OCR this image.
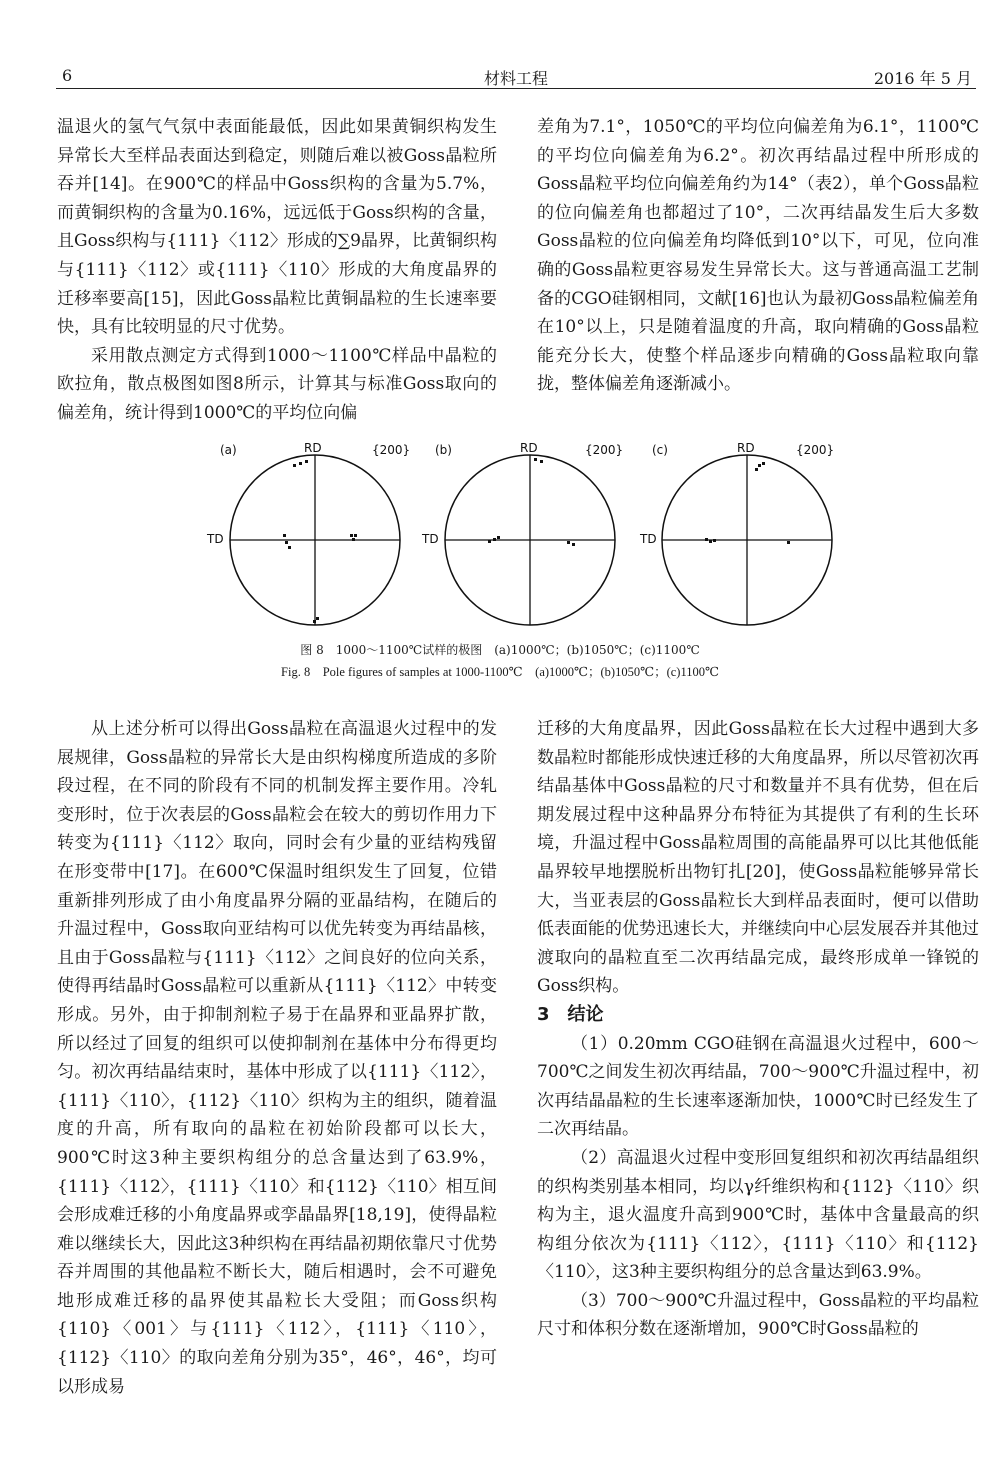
6	材料工程	2016 年 5 月

温退火的氢气气氛中表面能最低，因此如果黄铜织构发生异常长大至样品表面达到稳定，则随后难以被Goss晶粒所吞并[14]。在900℃的样品中Goss织构的含量为5.7%，而黄铜织构的含量为0.16%，远远低于Goss织构的含量，且Goss织构与{111}〈112〉形成的∑9晶界，比黄铜织构与{111}〈112〉或{111}〈110〉形成的大角度晶界的迁移率要高[15]，因此Goss晶粒比黄铜晶粒的生长速率要快，具有比较明显的尺寸优势。

采用散点测定方式得到1000～1100℃样品中晶粒的欧拉角，散点极图如图8所示，计算其与标准Goss取向的偏差角，统计得到1000℃的平均位向偏

差角为7.1°，1050℃的平均位向偏差角为6.1°，1100℃的平均位向偏差角为6.2°。初次再结晶过程中所形成的Goss晶粒平均位向偏差角约为14°（表2），单个Goss晶粒的位向偏差角也都超过了10°，二次再结晶发生后大多数Goss晶粒的位向偏差角均降低到10°以下，可见，位向准确的Goss晶粒更容易发生异常长大。这与普通高温工艺制备的CGO硅钢相同，文献[16]也认为最初Goss晶粒偏差角在10°以上，只是随着温度的升高，取向精确的Goss晶粒能充分长大，使整个样品逐步向精确的Goss晶粒取向靠拢，整体偏差角逐渐减小。

(a)	RD
TD
{200} (b)	RD
TD
{200} (c)	RD
TD
{200}
图 8　1000～1100℃试样的极图　(a)1000℃；(b)1050℃；(c)1100℃
Fig. 8　Pole figures of samples at 1000-1100℃　(a)1000℃；(b)1050℃；(c)1100℃

从上述分析可以得出Goss晶粒在高温退火过程中的发展规律，Goss晶粒的异常长大是由织构梯度所造成的多阶段过程，在不同的阶段有不同的机制发挥主要作用。冷轧变形时，位于次表层的Goss晶粒会在较大的剪切作用力下转变为{111}〈112〉取向，同时会有少量的亚结构残留在形变带中[17]。在600℃保温时组织发生了回复，位错重新排列形成了由小角度晶界分隔的亚晶结构，在随后的升温过程中，Goss取向亚结构可以优先转变为再结晶核，且由于Goss晶粒与{111}〈112〉之间良好的位向关系，使得再结晶时Goss晶粒可以重新从{111}〈112〉中转变形成。另外，由于抑制剂粒子易于在晶界和亚晶界扩散，所以经过了回复的组织可以使抑制剂在基体中分布得更均匀。初次再结晶结束时，基体中形成了以{111}〈112〉，{111}〈110〉，{112}〈110〉织构为主的组织，随着温度的升高，所有取向的晶粒在初始阶段都可以长大，900℃时这3种主要织构组分的总含量达到了63.9%，{111}〈112〉，{111}〈110〉和{112}〈110〉相互间会形成难迁移的小角度晶界或孪晶晶界[18,19]，使得晶粒难以继续长大，因此这3种织构在再结晶初期依靠尺寸优势吞并周围的其他晶粒不断长大，随后相遇时，会不可避免地形成难迁移的晶界使其晶粒长大受阻；而Goss织构{110}〈001〉与{111}〈112〉，{111}〈110〉，{112}〈110〉的取向差角分别为35°，46°，46°，均可以形成易

迁移的大角度晶界，因此Goss晶粒在长大过程中遇到大多数晶粒时都能形成快速迁移的大角度晶界，所以尽管初次再结晶基体中Goss晶粒的尺寸和数量并不具有优势，但在后期发展过程中这种晶界分布特征为其提供了有利的生长环境，升温过程中Goss晶粒周围的高能晶界可以比其他低能晶界较早地摆脱析出物钉扎[20]，使Goss晶粒能够异常长大，当亚表层的Goss晶粒长大到样品表面时，便可以借助低表面能的优势迅速长大，并继续向中心层发展吞并其他过渡取向的晶粒直至二次再结晶完成，最终形成单一锋锐的Goss织构。

3 结论

（1）0.20mm CGO硅钢在高温退火过程中，600～700℃之间发生初次再结晶，700～900℃升温过程中，初次再结晶晶粒的生长速率逐渐加快，1000℃时已经发生了二次再结晶。

（2）高温退火过程中变形回复组织和初次再结晶组织的织构类别基本相同，均以γ纤维织构和{112}〈110〉织构为主，退火温度升高到900℃时，基体中含量最高的织构组分依次为{111}〈112〉，{111}〈110〉和{112}〈110〉，这3种主要织构组分的总含量达到63.9%。

（3）700～900℃升温过程中，Goss晶粒的平均晶粒尺寸和体积分数在逐渐增加，900℃时Goss晶粒的
